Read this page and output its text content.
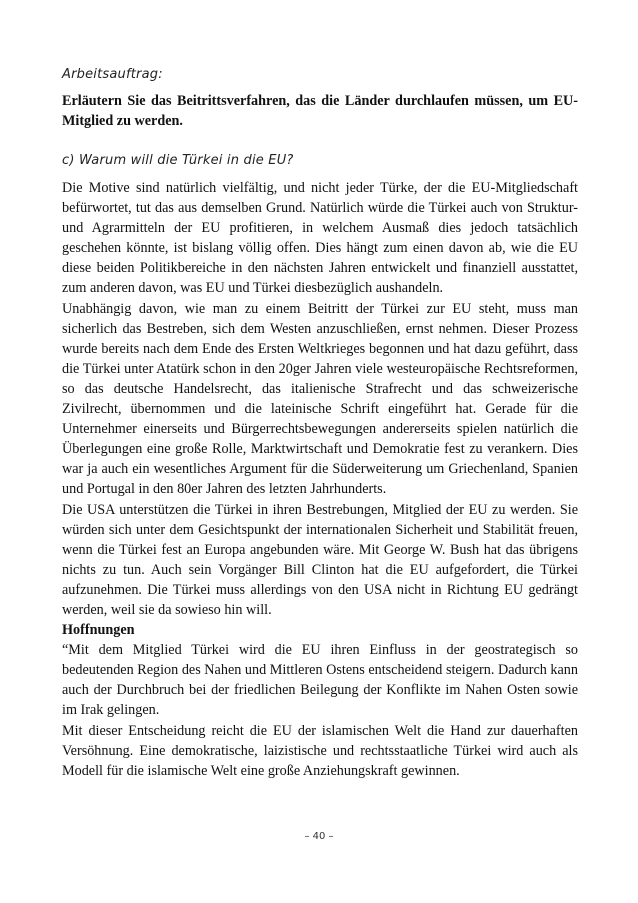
Arbeitsauftrag:
Erläutern Sie das Beitrittsverfahren, das die Länder durchlaufen müssen, um EU-Mitglied zu werden.
c) Warum will die Türkei in die EU?

Die Motive sind natürlich vielfältig, und nicht jeder Türke, der die EU-Mitgliedschaft befürwortet, tut das aus demselben Grund. Natürlich würde die Türkei auch von Struktur- und Agrarmitteln der EU profitieren, in welchem Ausmaß dies jedoch tatsächlich geschehen könnte, ist bislang völlig offen. Dies hängt zum einen davon ab, wie die EU diese beiden Politikbereiche in den nächsten Jahren entwickelt und finanziell ausstattet, zum anderen davon, was EU und Türkei diesbezüglich aushandeln.

Unabhängig davon, wie man zu einem Beitritt der Türkei zur EU steht, muss man sicherlich das Bestreben, sich dem Westen anzuschließen, ernst nehmen. Dieser Prozess wurde bereits nach dem Ende des Ersten Weltkrieges begonnen und hat dazu geführt, dass die Türkei unter Atatürk schon in den 20ger Jahren viele westeuropäische Rechtsreformen, so das deutsche Handelsrecht, das italienische Strafrecht und das schweizerische Zivilrecht, übernommen und die lateinische Schrift eingeführt hat. Gerade für die Unternehmer einerseits und Bürgerrechtsbewegungen andererseits spielen natürlich die Überlegungen eine große Rolle, Marktwirtschaft und Demokratie fest zu verankern. Dies war ja auch ein wesentliches Argument für die Süderweiterung um Griechenland, Spanien und Portugal in den 80er Jahren des letzten Jahrhunderts.

Die USA unterstützen die Türkei in ihren Bestrebungen, Mitglied der EU zu werden. Sie würden sich unter dem Gesichtspunkt der internationalen Sicherheit und Stabilität freuen, wenn die Türkei fest an Europa angebunden wäre. Mit George W. Bush hat das übrigens nichts zu tun. Auch sein Vorgänger Bill Clinton hat die EU aufgefordert, die Türkei aufzunehmen. Die Türkei muss allerdings von den USA nicht in Richtung EU gedrängt werden, weil sie da sowieso hin will.

Hoffnungen

“Mit dem Mitglied Türkei wird die EU ihren Einfluss in der geostrategisch so bedeutenden Region des Nahen und Mittleren Ostens entscheidend steigern. Dadurch kann auch der Durchbruch bei der friedlichen Beilegung der Konflikte im Nahen Osten sowie im Irak gelingen.

Mit dieser Entscheidung reicht die EU der islamischen Welt die Hand zur dauerhaften Versöhnung. Eine demokratische, laizistische und rechtsstaatliche Türkei wird auch als Modell für die islamische Welt eine große Anziehungskraft gewinnen.

– 40 –
